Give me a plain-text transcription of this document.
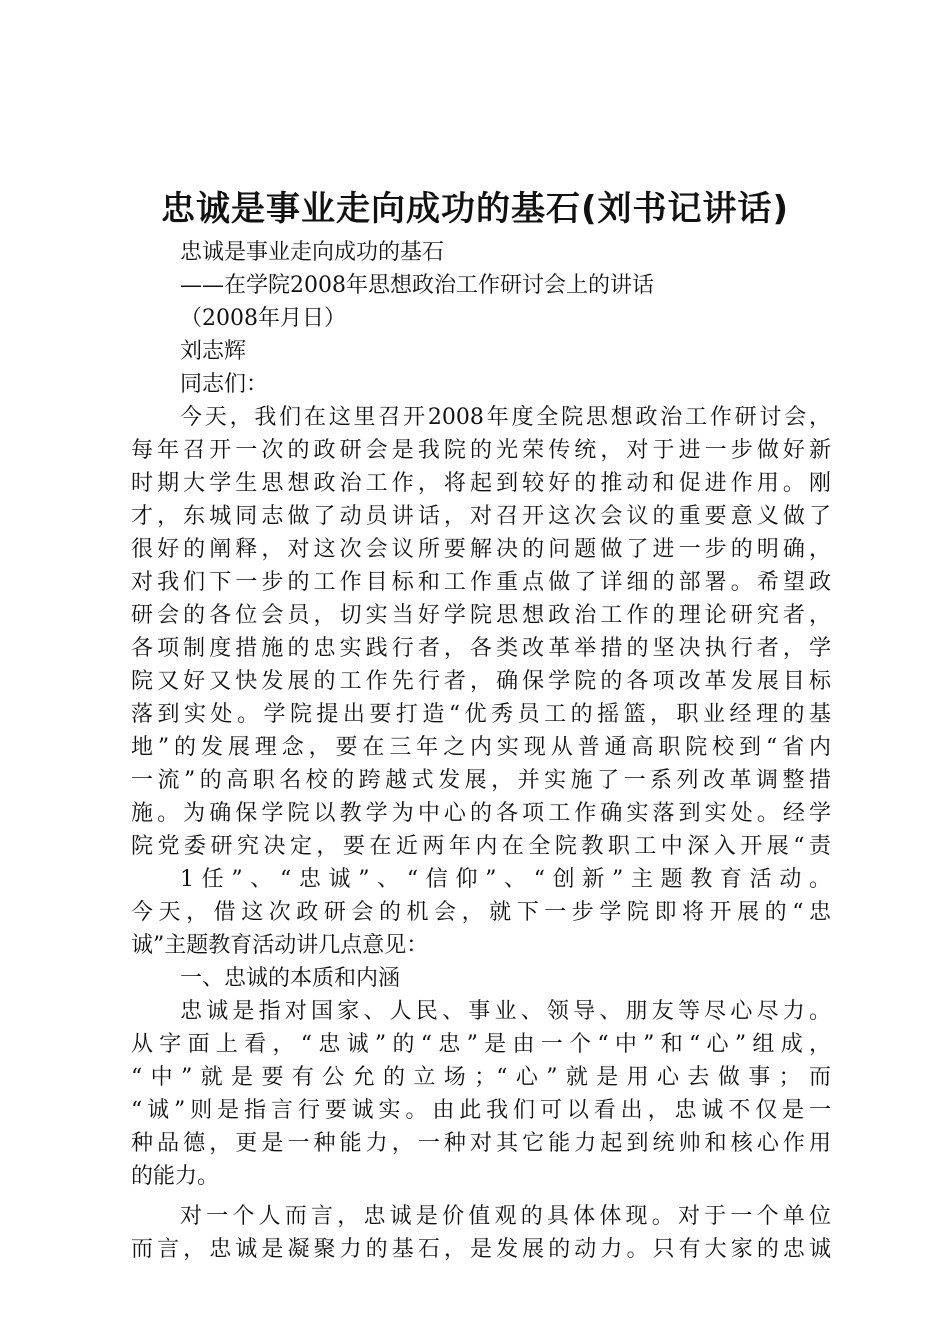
忠诚是事业走向成功的基石(刘书记讲话)
忠诚是事业走向成功的基石
——在学院2008年思想政治工作研讨会上的讲话
（2008年月日）
刘志辉
同志们：
今天，我们在这里召开2008年度全院思想政治工作研讨会，
每年召开一次的政研会是我院的光荣传统，对于进一步做好新
时期大学生思想政治工作，将起到较好的推动和促进作用。刚
才，东城同志做了动员讲话，对召开这次会议的重要意义做了
很好的阐释，对这次会议所要解决的问题做了进一步的明确，
对我们下一步的工作目标和工作重点做了详细的部署。希望政
研会的各位会员，切实当好学院思想政治工作的理论研究者，
各项制度措施的忠实践行者，各类改革举措的坚决执行者，学
院又好又快发展的工作先行者，确保学院的各项改革发展目标
落到实处。学院提出要打造“优秀员工的摇篮，职业经理的基
地”的发展理念，要在三年之内实现从普通高职院校到“省内
一流”的高职名校的跨越式发展，并实施了一系列改革调整措
施。为确保学院以教学为中心的各项工作确实落到实处。经学
院党委研究决定，要在近两年内在全院教职工中深入开展“责
1任”、“忠诚”、“信仰”、“创新”主题教育活动。
今天，借这次政研会的机会，就下一步学院即将开展的“忠
诚”主题教育活动讲几点意见：
一、忠诚的本质和内涵
忠诚是指对国家、人民、事业、领导、朋友等尽心尽力。
从字面上看，“忠诚”的“忠”是由一个“中”和“心”组成，
“中”就是要有公允的立场；“心”就是用心去做事；而
“诚”则是指言行要诚实。由此我们可以看出，忠诚不仅是一
种品德，更是一种能力，一种对其它能力起到统帅和核心作用
的能力。
对一个人而言，忠诚是价值观的具体体现。对于一个单位
而言，忠诚是凝聚力的基石，是发展的动力。只有大家的忠诚
